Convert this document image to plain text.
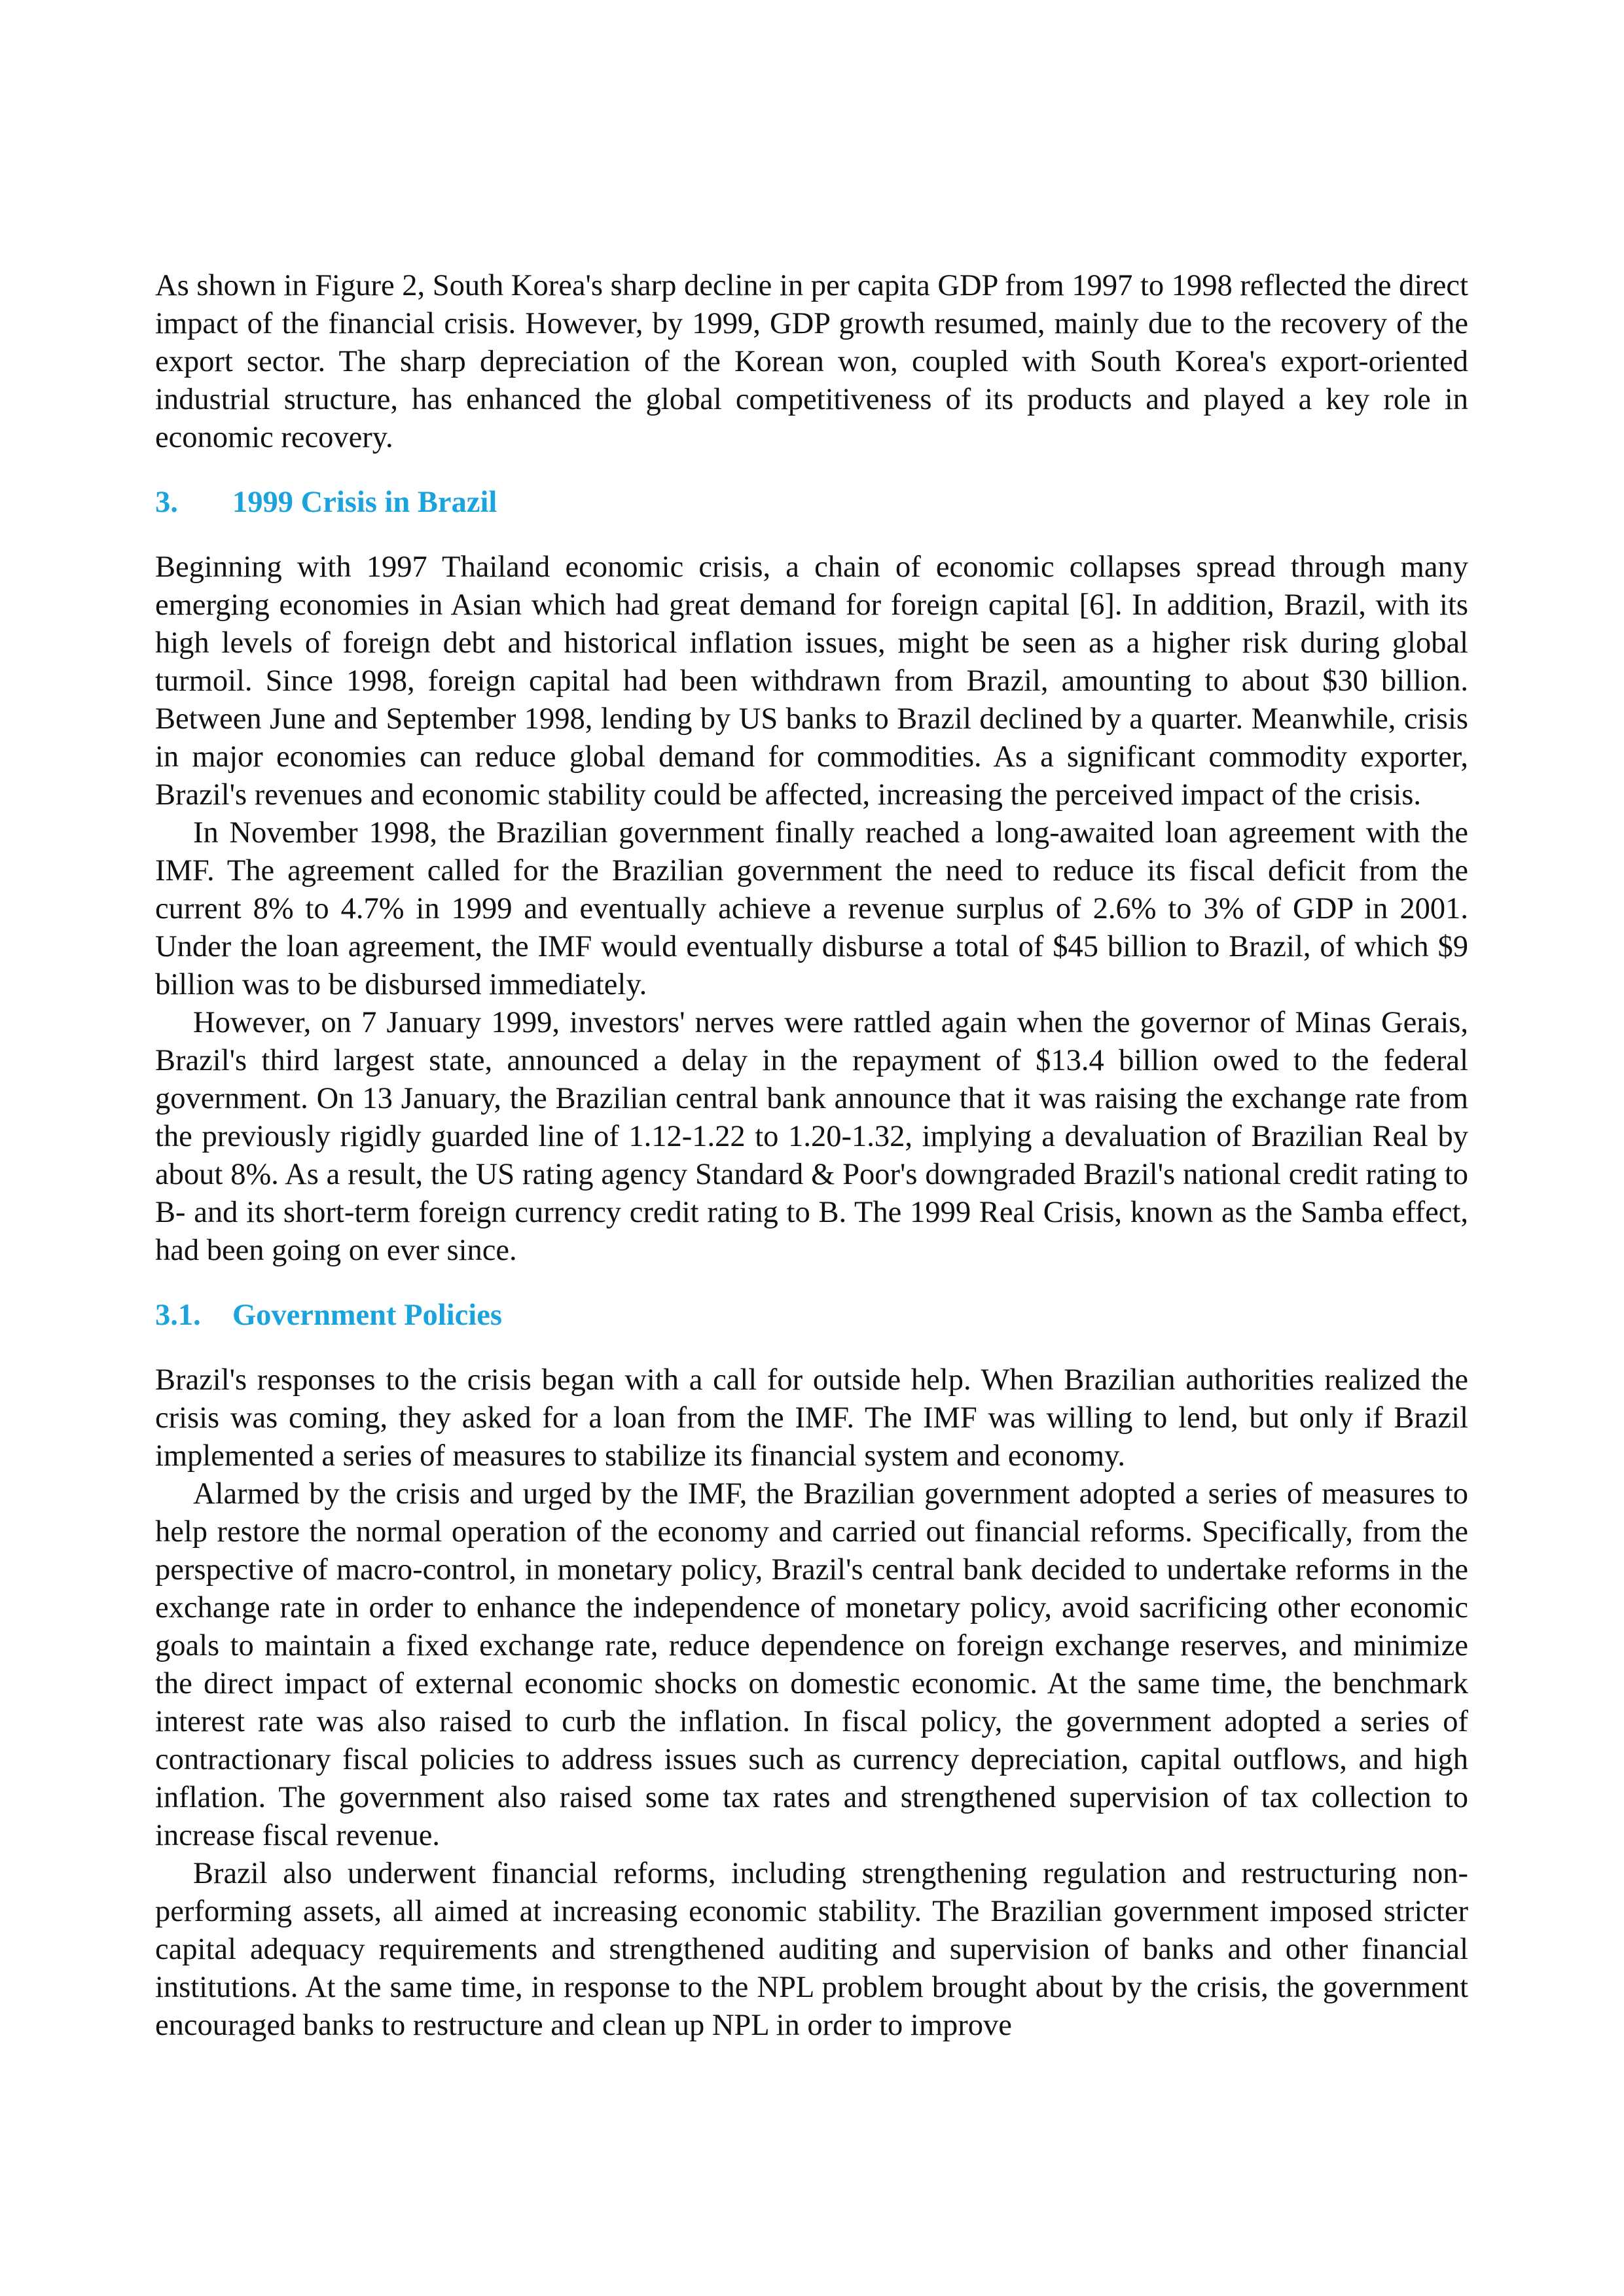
As shown in Figure 2, South Korea's sharp decline in per capita GDP from 1997 to 1998 reflected the direct impact of the financial crisis. However, by 1999, GDP growth resumed, mainly due to the recovery of the export sector. The sharp depreciation of the Korean won, coupled with South Korea's export-oriented industrial structure, has enhanced the global competitiveness of its products and played a key role in economic recovery.

3.	1999 Crisis in Brazil

Beginning with 1997 Thailand economic crisis, a chain of economic collapses spread through many emerging economies in Asian which had great demand for foreign capital [6]. In addition, Brazil, with its high levels of foreign debt and historical inflation issues, might be seen as a higher risk during global turmoil. Since 1998, foreign capital had been withdrawn from Brazil, amounting to about $30 billion. Between June and September 1998, lending by US banks to Brazil declined by a quarter. Meanwhile, crisis in major economies can reduce global demand for commodities. As a significant commodity exporter, Brazil's revenues and economic stability could be affected, increasing the perceived impact of the crisis.

In November 1998, the Brazilian government finally reached a long-awaited loan agreement with the IMF. The agreement called for the Brazilian government the need to reduce its fiscal deficit from the current 8% to 4.7% in 1999 and eventually achieve a revenue surplus of 2.6% to 3% of GDP in 2001. Under the loan agreement, the IMF would eventually disburse a total of $45 billion to Brazil, of which $9 billion was to be disbursed immediately.

However, on 7 January 1999, investors' nerves were rattled again when the governor of Minas Gerais, Brazil's third largest state, announced a delay in the repayment of $13.4 billion owed to the federal government. On 13 January, the Brazilian central bank announce that it was raising the exchange rate from the previously rigidly guarded line of 1.12-1.22 to 1.20-1.32, implying a devaluation of Brazilian Real by about 8%. As a result, the US rating agency Standard & Poor's downgraded Brazil's national credit rating to B- and its short-term foreign currency credit rating to B. The 1999 Real Crisis, known as the Samba effect, had been going on ever since.

3.1.	Government Policies

Brazil's responses to the crisis began with a call for outside help. When Brazilian authorities realized the crisis was coming, they asked for a loan from the IMF. The IMF was willing to lend, but only if Brazil implemented a series of measures to stabilize its financial system and economy.

Alarmed by the crisis and urged by the IMF, the Brazilian government adopted a series of measures to help restore the normal operation of the economy and carried out financial reforms. Specifically, from the perspective of macro-control, in monetary policy, Brazil's central bank decided to undertake reforms in the exchange rate in order to enhance the independence of monetary policy, avoid sacrificing other economic goals to maintain a fixed exchange rate, reduce dependence on foreign exchange reserves, and minimize the direct impact of external economic shocks on domestic economic. At the same time, the benchmark interest rate was also raised to curb the inflation. In fiscal policy, the government adopted a series of contractionary fiscal policies to address issues such as currency depreciation, capital outflows, and high inflation. The government also raised some tax rates and strengthened supervision of tax collection to increase fiscal revenue.

Brazil also underwent financial reforms, including strengthening regulation and restructuring non-performing assets, all aimed at increasing economic stability. The Brazilian government imposed stricter capital adequacy requirements and strengthened auditing and supervision of banks and other financial institutions. At the same time, in response to the NPL problem brought about by the crisis, the government encouraged banks to restructure and clean up NPL in order to improve
